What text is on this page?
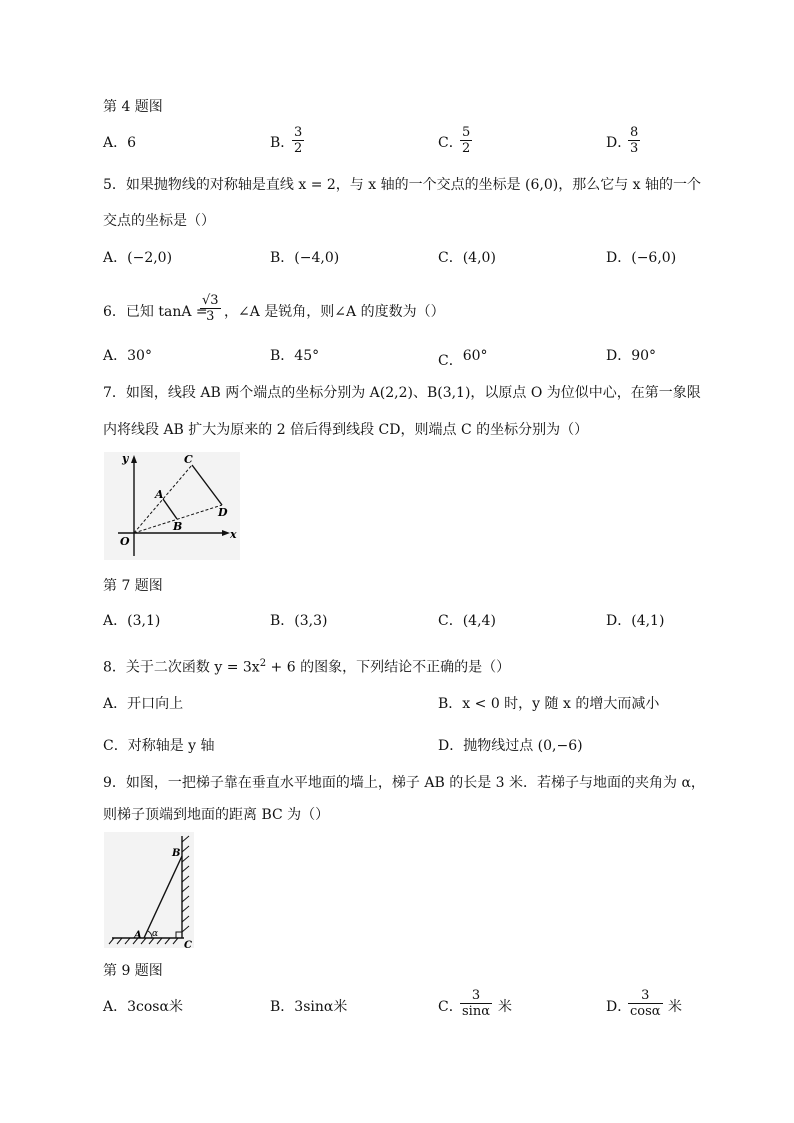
第 4 题图
A．6	B．
3
2	C．
5
2	D．
8
3
5．如果抛物线的对称轴是直线 x = 2，与 x 轴的一个交点的坐标是 (6,0)，那么它与 x 轴的一个
交点的坐标是（）
A．(−2,0)	B．(−4,0)	C．(4,0)	D．(−6,0)
6．已知 tanA =
√3
3 ，∠A 是锐角，则∠A 的度数为（）
A．30°	B．45°	C．60°	D．90°
7．如图，线段 AB 两个端点的坐标分别为 A(2,2)、B(3,1)，以原点 O 为位似中心，在第一象限
内将线段 AB 扩大为原来的 2 倍后得到线段 CD，则端点 C 的坐标分别为（）
y
x
O
A
B
C
D
第 7 题图
A．(3,1)	B．(3,3)	C．(4,4)	D．(4,1)
8．关于二次函数 $y = 3x^2 + 6$ 的图象，下列结论不正确的是（）
A．开口向上	B．x < 0 时，y 随 x 的增大而减小
C．对称轴是 y 轴	D．抛物线过点 (0,−6)
9．如图，一把梯子靠在垂直水平地面的墙上，梯子 AB 的长是 3 米．若梯子与地面的夹角为 α，
则梯子顶端到地面的距离 BC 为（）
A
B
C
α
第 9 题图
A．3cosα米	B．3sinα米	C．
3
sinα 米	D．
3
cosα 米
